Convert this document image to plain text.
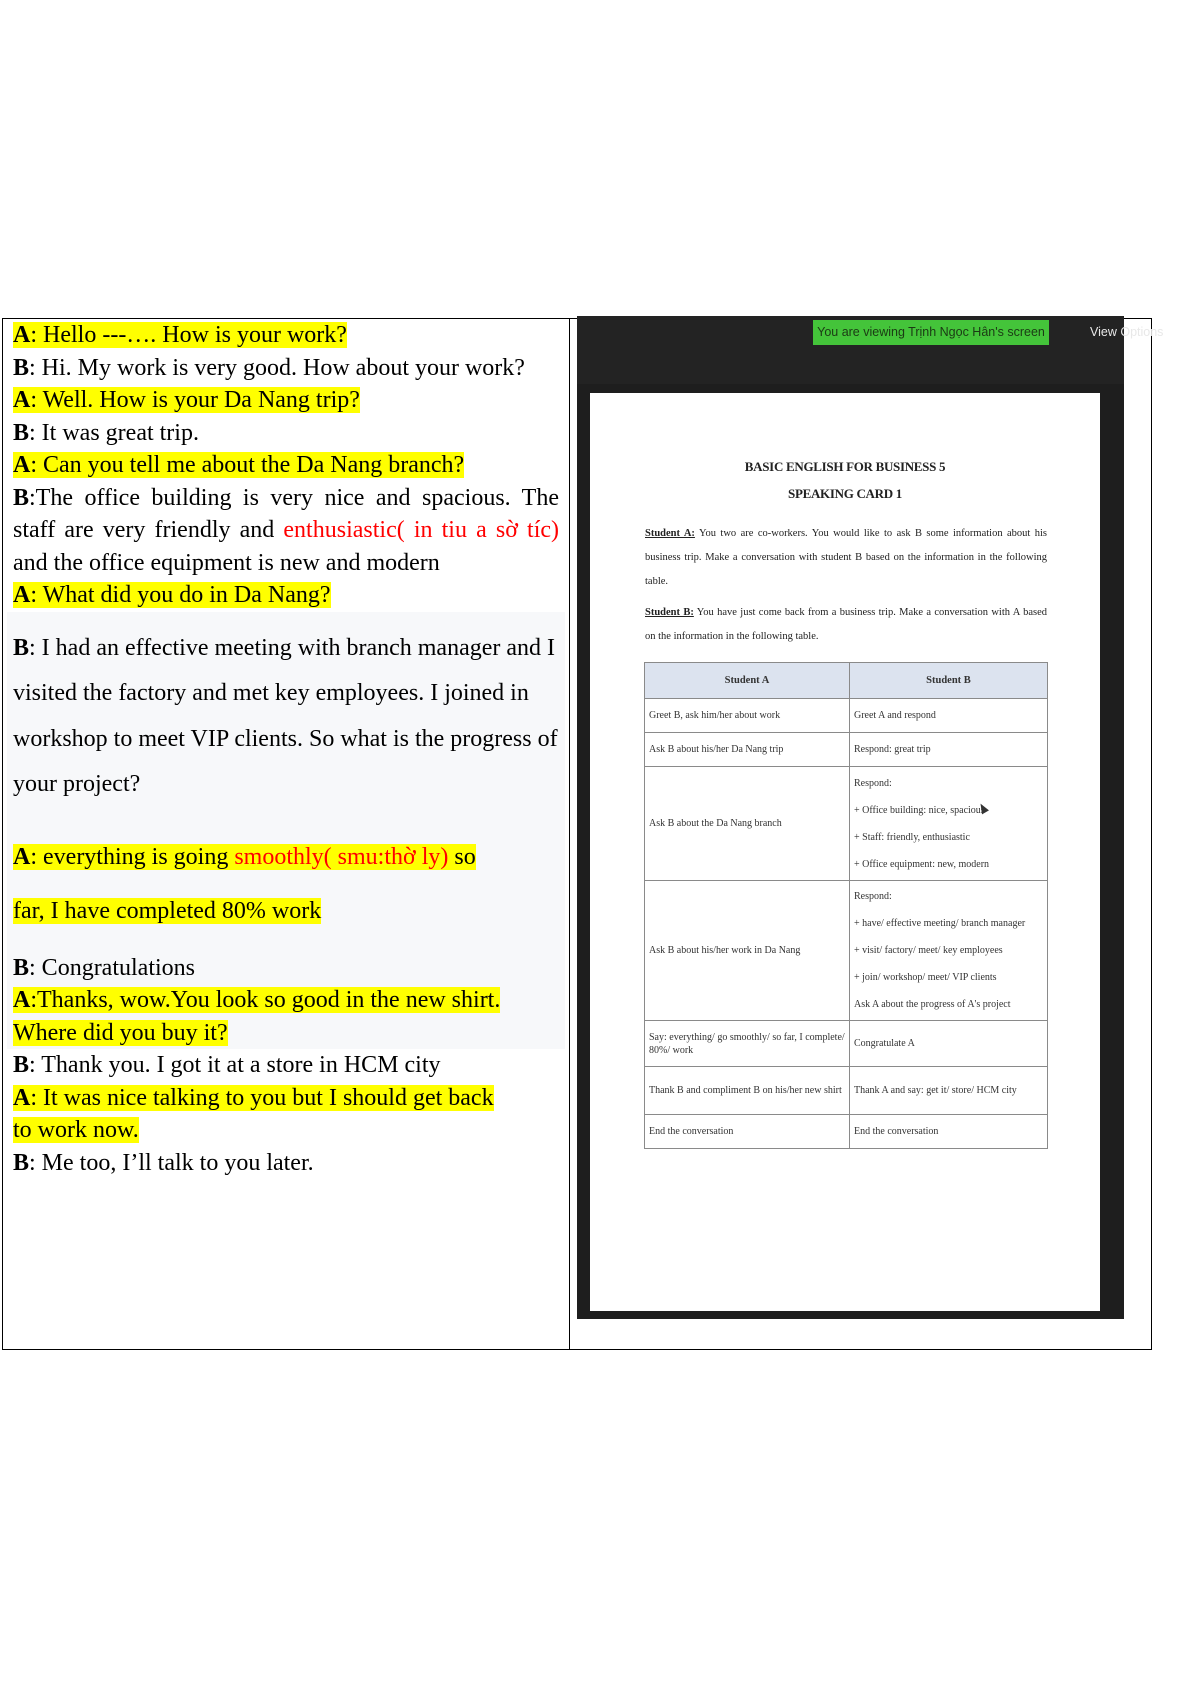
A: Hello ---…. How is your work?

B: Hi. My work is very good. How about your work?

A: Well. How is your Da Nang trip?

B: It was great trip.

A: Can you tell me about the Da Nang branch?

B:The office building is very nice and spacious. The staff are very friendly and enthusiastic( in tiu a sờ tíc) and the office equipment is new and modern

A: What did you do in Da Nang?

B: I had an effective meeting with branch manager and I visited the factory and met key employees. I joined in workshop to meet VIP clients. So what is the progress of your project?

A: everything is going smoothly( smu:thờ ly) so
far, I have completed 80% work

B: Congratulations

A:Thanks, wow.You look so good in the new shirt.
Where did you buy it?

B: Thank you. I got it at a store in HCM city

A: It was nice talking to you but I should get back
to work now.

B: Me too, I’ll talk to you later.

You are viewing Trịnh Ngọc Hân's screen	View Options
BASIC ENGLISH FOR BUSINESS 5
SPEAKING CARD 1
Student A: You two are co-workers. You would like to ask B some information about his business trip. Make a conversation with student B based on the information in the following table.
Student B: You have just come back from a business trip. Make a conversation with A based on the information in the following table.
Student A	Student B
Greet B, ask him/her about work	Greet A and respond
Ask B about his/her Da Nang trip	Respond: great trip
Ask B about the Da Nang branch	Respond:
+ Office building: nice, spacious
+ Staff: friendly, enthusiastic
+ Office equipment: new, modern

Ask B about his/her work in Da Nang	Respond:
+ have/ effective meeting/ branch manager
+ visit/ factory/ meet/ key employees
+ join/ workshop/ meet/ VIP clients
Ask A about the progress of A's project

Say: everything/ go smoothly/ so far, I complete/ 80%/ work	Congratulate A
Thank B and compliment B on his/her new shirt	Thank A and say: get it/ store/ HCM city
End the conversation	End the conversation
